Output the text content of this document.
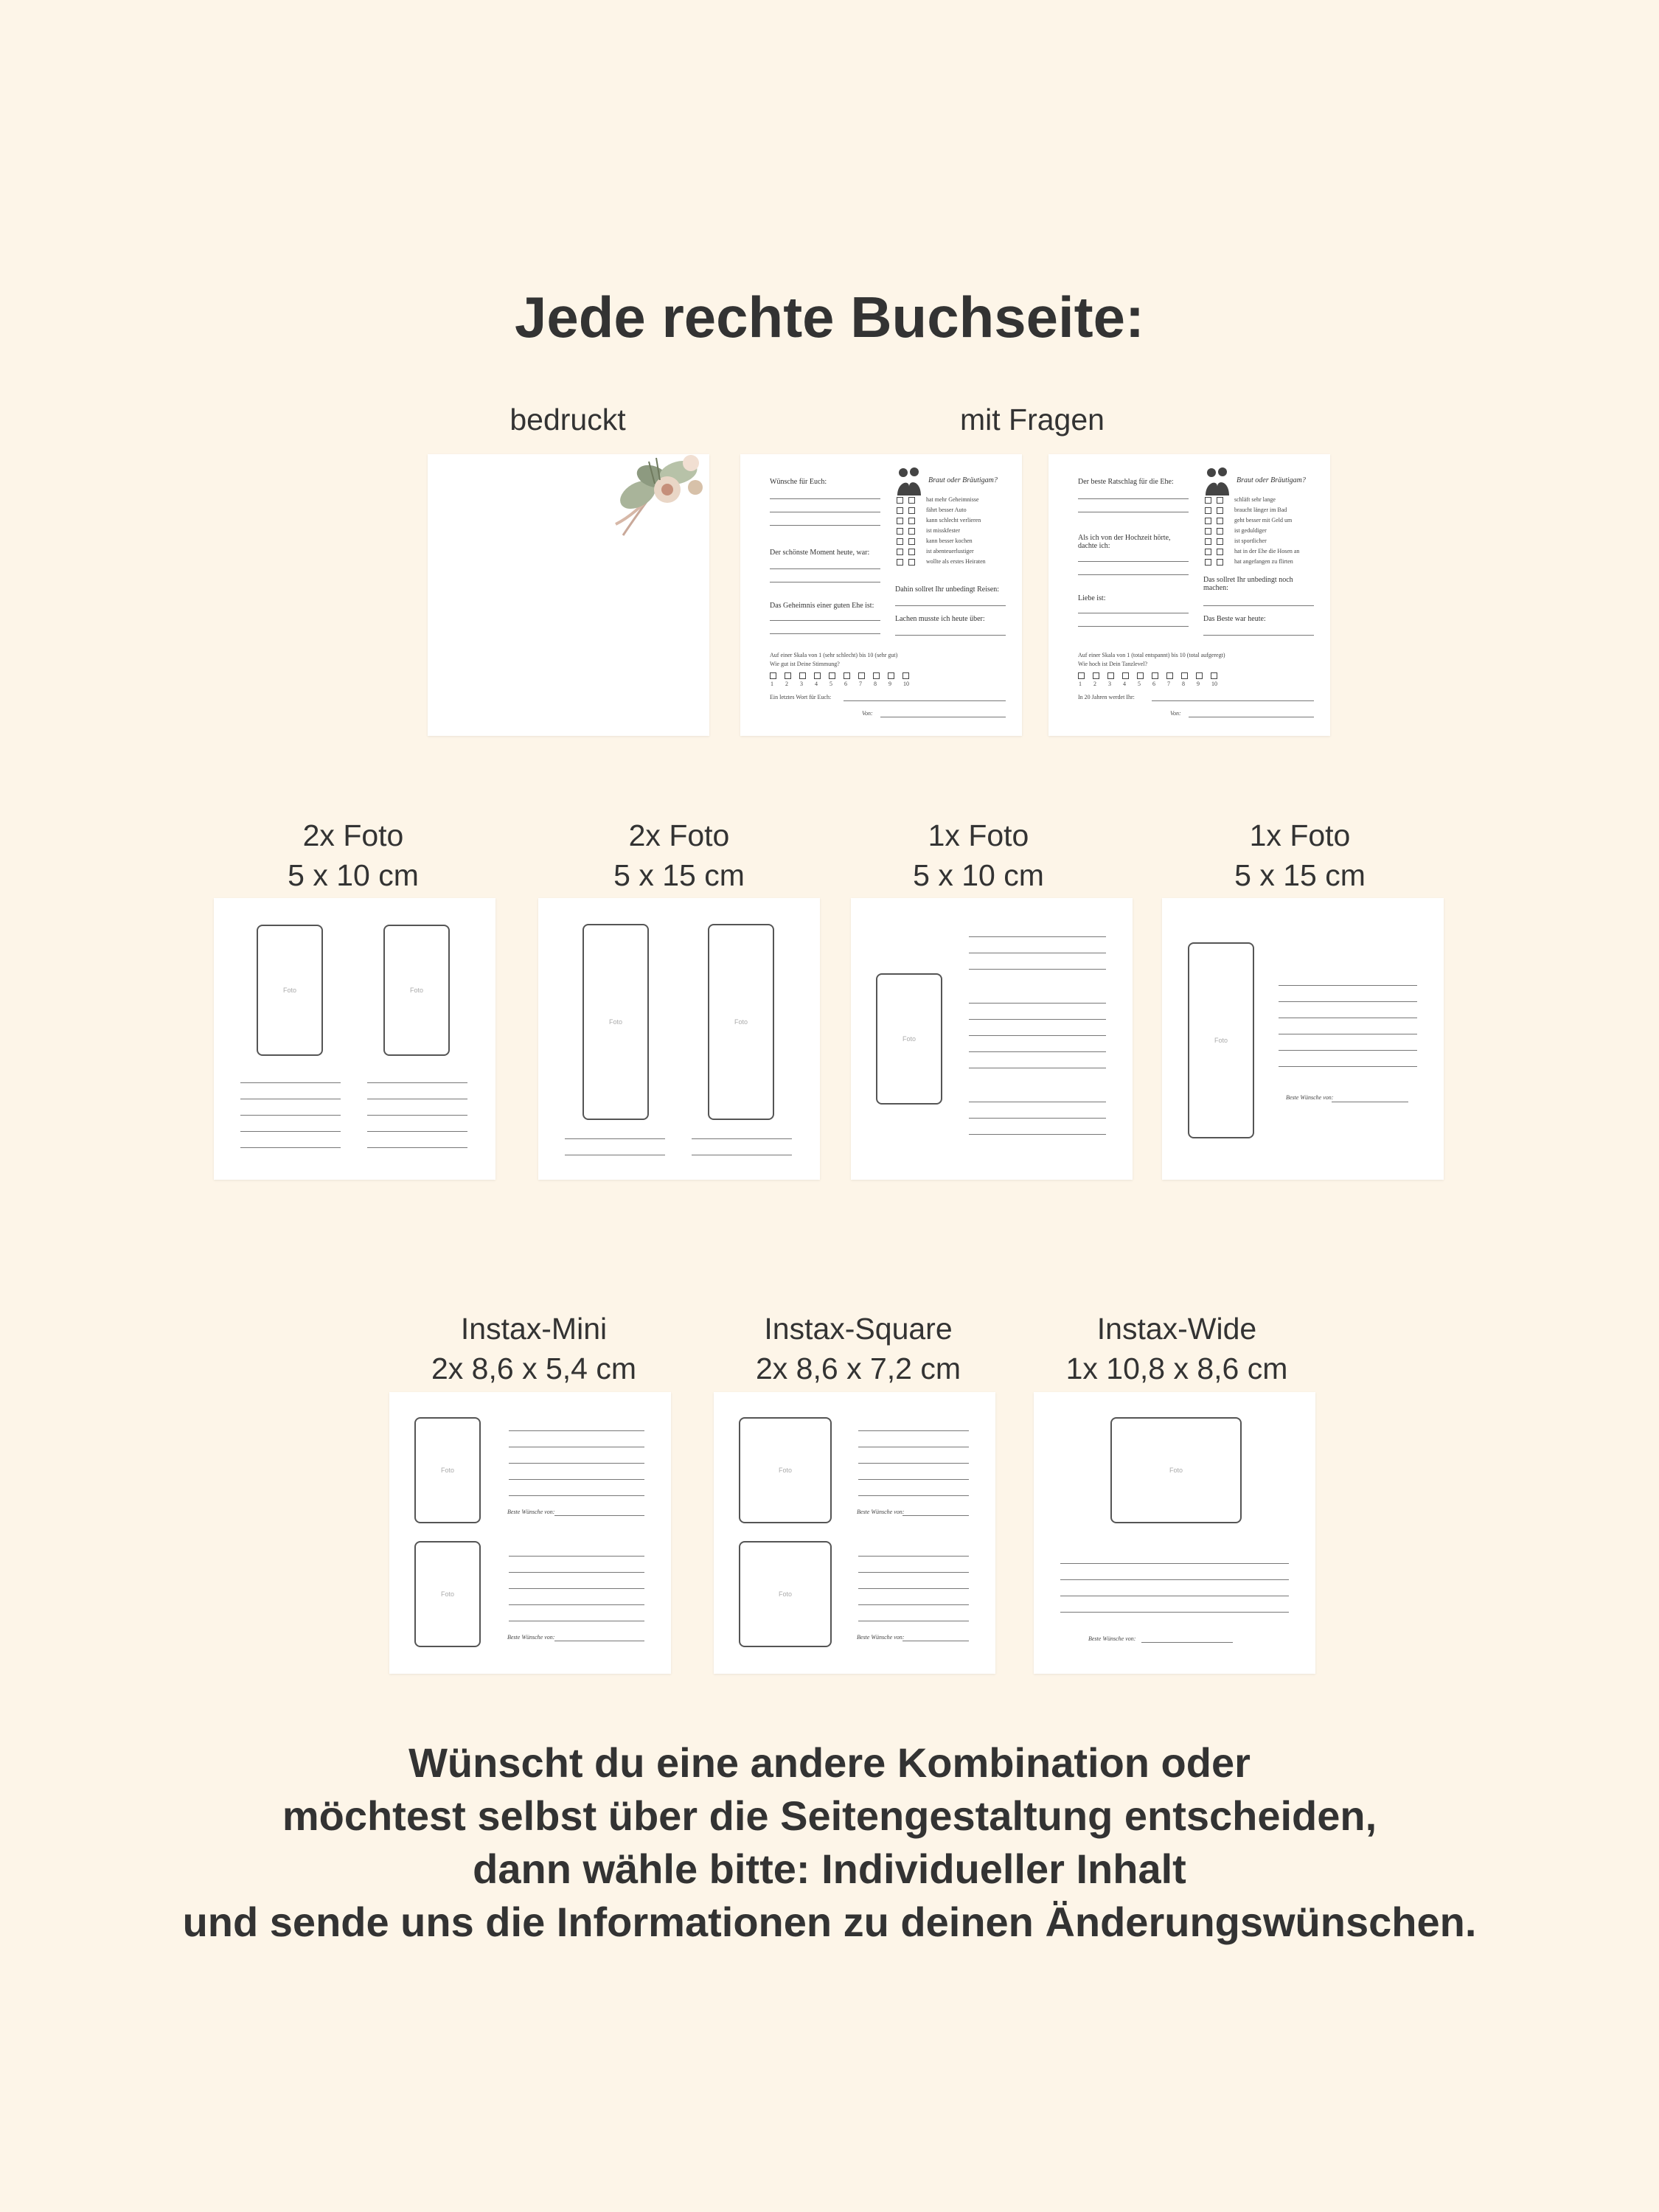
Jede rechte Buchseite:
bedruckt	mit Fragen
Wünsche für Euch:
Der schönste Moment heute, war:
Das Geheimnis einer guten Ehe ist:
Braut oder Bräutigam?
hat mehr Geheimnisse
fährt besser Auto
kann schlecht verlieren
ist misskfester
kann besser kochen
ist abenteuerlustiger
wollte als erstes Heiraten
Dahin sollret Ihr unbedingt Reisen:
Lachen musste ich heute über:
Auf einer Skala von 1 (sehr schlecht) bis 10 (sehr gut)
Wie gut ist Deine Stimmung?
1 2 3 4 5 6 7 8 9 10
Ein letztes Wort für Euch:
Von:
Der beste Ratschlag für die Ehe:
Als ich von der Hochzeit hörte, dachte ich:
Liebe ist:
Braut oder Bräutigam?
schläft sehr lange
braucht länger im Bad
geht besser mit Geld um
ist geduldiger
ist sportlicher
hat in der Ehe die Hosen an
hat angefangen zu flirten
Das sollret Ihr unbedingt noch machen:
Das Beste war heute:
Auf einer Skala von 1 (total entspannt) bis 10 (total aufgeregt)
Wie hoch ist Dein Tanzlevel?
1 2 3 4 5 6 7 8 9 10
In 20 Jahren werdet Ihr:
Von:
2x Foto
5 x 10 cm
2x Foto
5 x 15 cm
1x Foto
5 x 10 cm
1x Foto
5 x 15 cm
Foto	Foto
Foto	Foto
Foto	Foto
Beste Wünsche von:
Instax-Mini
2x 8,6 x 5,4 cm
Instax-Square
2x 8,6 x 7,2 cm
Instax-Wide
1x 10,8 x 8,6 cm
Foto
Foto
Beste Wünsche von:
Beste Wünsche von:
Foto
Foto
Beste Wünsche von:
Beste Wünsche von:
Foto
Beste Wünsche von:
Wünscht du eine andere Kombination oder
möchtest selbst über die Seitengestaltung entscheiden,
dann wähle bitte: Individueller Inhalt
und sende uns die Informationen zu deinen Änderungswünschen.
